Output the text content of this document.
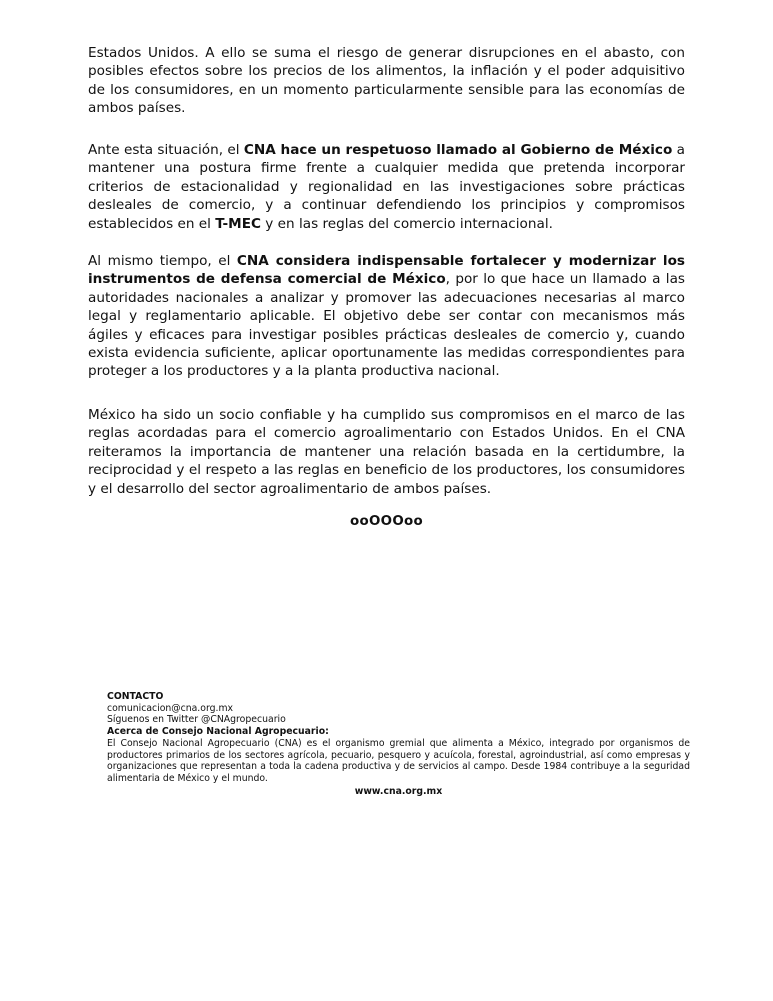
Estados Unidos. A ello se suma el riesgo de generar disrupciones en el abasto, con posibles efectos sobre los precios de los alimentos, la inflación y el poder adquisitivo de los consumidores, en un momento particularmente sensible para las economías de ambos países.

Ante esta situación, el CNA hace un respetuoso llamado al Gobierno de México a mantener una postura firme frente a cualquier medida que pretenda incorporar criterios de estacionalidad y regionalidad en las investigaciones sobre prácticas desleales de comercio, y a continuar defendiendo los principios y compromisos establecidos en el T-MEC y en las reglas del comercio internacional.

Al mismo tiempo, el CNA considera indispensable fortalecer y modernizar los instrumentos de defensa comercial de México, por lo que hace un llamado a las autoridades nacionales a analizar y promover las adecuaciones necesarias al marco legal y reglamentario aplicable. El objetivo debe ser contar con mecanismos más ágiles y eficaces para investigar posibles prácticas desleales de comercio y, cuando exista evidencia suficiente, aplicar oportunamente las medidas correspondientes para proteger a los productores y a la planta productiva nacional.

México ha sido un socio confiable y ha cumplido sus compromisos en el marco de las reglas acordadas para el comercio agroalimentario con Estados Unidos. En el CNA reiteramos la importancia de mantener una relación basada en la certidumbre, la reciprocidad y el respeto a las reglas en beneficio de los productores, los consumidores y el desarrollo del sector agroalimentario de ambos países.

ooOOOoo
CONTACTO
comunicacion@cna.org.mx
Síguenos en Twitter @CNAgropecuario
Acerca de Consejo Nacional Agropecuario:
El Consejo Nacional Agropecuario (CNA) es el organismo gremial que alimenta a México, integrado por organismos de productores primarios de los sectores agrícola, pecuario, pesquero y acuícola, forestal, agroindustrial, así como empresas y organizaciones que representan a toda la cadena productiva y de servicios al campo. Desde 1984 contribuye a la seguridad alimentaria de México y el mundo.
www.cna.org.mx
